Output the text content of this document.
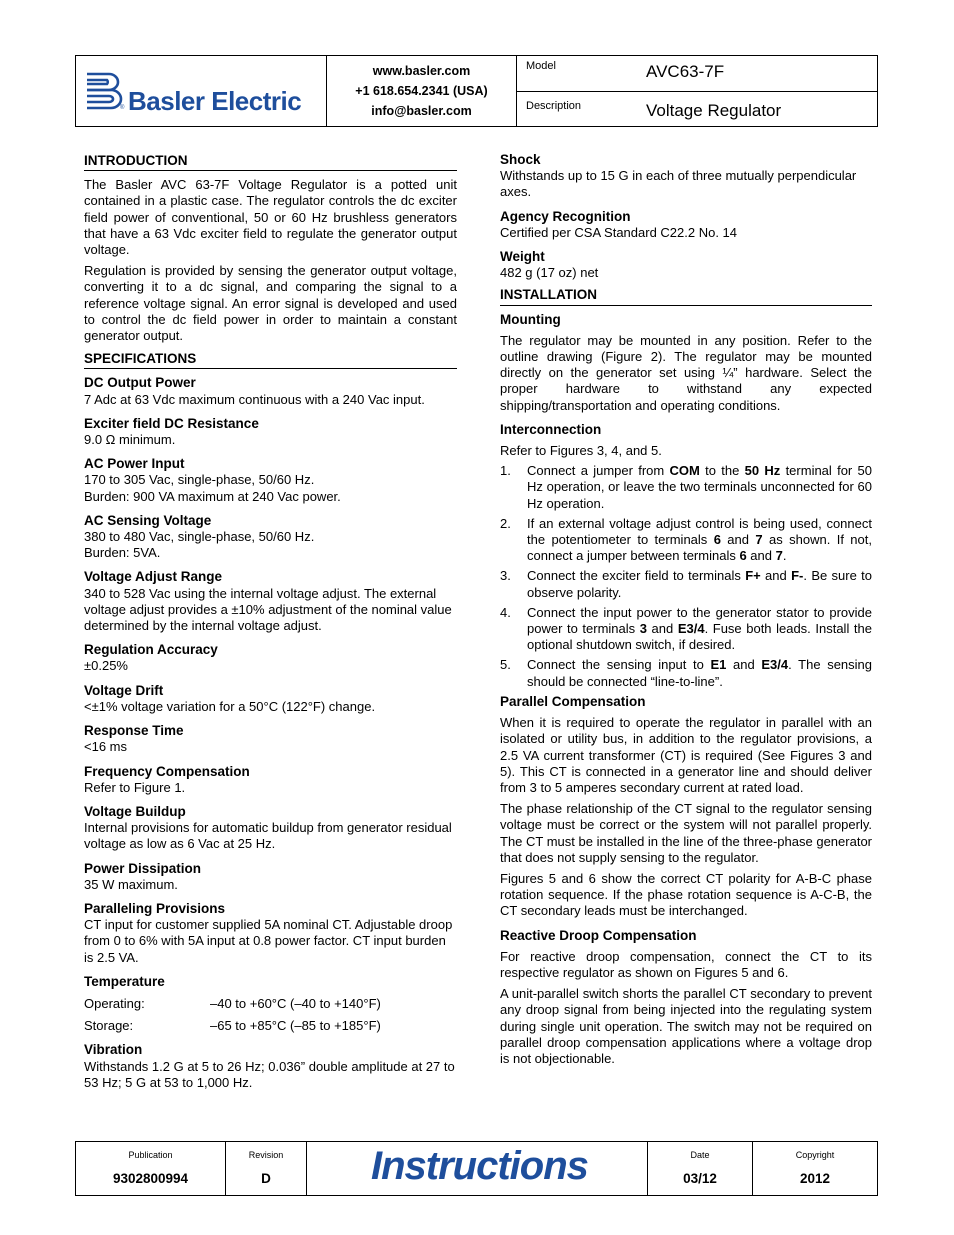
® Basler Electric
www.basler.com
+1 618.654.2341 (USA)
info@basler.com
Model	AVC63-7F
Description	Voltage Regulator
INTRODUCTION

The Basler AVC 63-7F Voltage Regulator is a potted unit contained in a plastic case. The regulator controls the dc exciter field power of conventional, 50 or 60 Hz brushless generators that have a 63 Vdc exciter field to regulate the generator output voltage.

Regulation is provided by sensing the generator output voltage, converting it to a dc signal, and comparing the signal to a reference voltage signal. An error signal is developed and used to control the dc field power in order to maintain a constant generator output.

SPECIFICATIONS
DC Output Power

7 Adc at 63 Vdc maximum continuous with a 240 Vac input.

Exciter field DC Resistance

9.0 Ω minimum.

AC Power Input

170 to 305 Vac, single-phase, 50/60 Hz.

Burden: 900 VA maximum at 240 Vac power.

AC Sensing Voltage

380 to 480 Vac, single-phase, 50/60 Hz.

Burden: 5VA.

Voltage Adjust Range

340 to 528 Vac using the internal voltage adjust. The external voltage adjust provides a ±10% adjustment of the nominal value determined by the internal voltage adjust.

Regulation Accuracy

±0.25%

Voltage Drift

<±1% voltage variation for a 50°C (122°F) change.

Response Time

<16 ms

Frequency Compensation

Refer to Figure 1.

Voltage Buildup

Internal provisions for automatic buildup from generator residual voltage as low as 6 Vac at 25 Hz.

Power Dissipation

35 W maximum.

Paralleling Provisions

CT input for customer supplied 5A nominal CT. Adjustable droop from 0 to 6% with 5A input at 0.8 power factor. CT input burden is 2.5 VA.

Temperature
Operating:	–40 to +60°C (–40 to +140°F)
Storage:	–65 to +85°C (–85 to +185°F)
Vibration

Withstands 1.2 G at 5 to 26 Hz; 0.036” double amplitude at 27 to 53 Hz; 5 G at 53 to 1,000 Hz.

Shock

Withstands up to 15 G in each of three mutually perpendicular axes.

Agency Recognition

Certified per CSA Standard C22.2 No. 14

Weight

482 g (17 oz) net

INSTALLATION
Mounting

The regulator may be mounted in any position. Refer to the outline drawing (Figure 2). The regulator may be mounted directly on the generator set using ¼” hardware. Select the proper hardware to withstand any expected shipping/transportation and operating conditions.

Interconnection

Refer to Figures 3, 4, and 5.

1.	Connect a jumper from COM to the 50 Hz terminal for 50 Hz operation, or leave the two terminals unconnected for 60 Hz operation.
2.	If an external voltage adjust control is being used, connect the potentiometer to terminals 6 and 7 as shown. If not, connect a jumper between terminals 6 and 7.
3.	Connect the exciter field to terminals F+ and F-. Be sure to observe polarity.
4.	Connect the input power to the generator stator to provide power to terminals 3 and E3/4. Fuse both leads. Install the optional shutdown switch, if desired.
5.	Connect the sensing input to E1 and E3/4. The sensing should be connected “line-to-line”.
Parallel Compensation

When it is required to operate the regulator in parallel with an isolated or utility bus, in addition to the regulator provisions, a 2.5 VA current transformer (CT) is required (See Figures 3 and 5). This CT is connected in a generator line and should deliver from 3 to 5 amperes secondary current at rated load.

The phase relationship of the CT signal to the regulator sensing voltage must be correct or the system will not parallel properly. The CT must be installed in the line of the three-phase generator that does not supply sensing to the regulator.

Figures 5 and 6 show the correct CT polarity for A-B-C phase rotation sequence. If the phase rotation sequence is A-C-B, the CT secondary leads must be interchanged.

Reactive Droop Compensation

For reactive droop compensation, connect the CT to its respective regulator as shown on Figures 5 and 6.

A unit-parallel switch shorts the parallel CT secondary to prevent any droop signal from being injected into the regulating system during single unit operation. The switch may not be required on parallel droop compensation applications where a voltage drop is not objectionable.

Publication
9302800994
Revision
D	Instructions	Date
03/12
Copyright
2012
